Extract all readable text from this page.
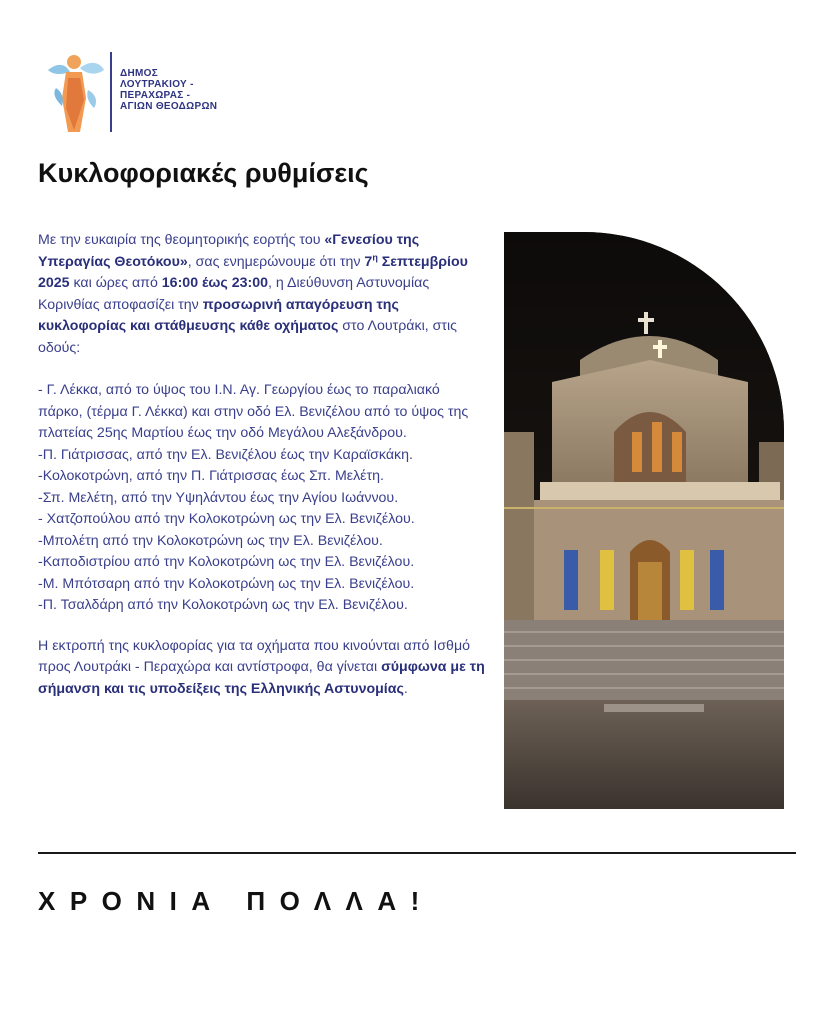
ΔΗΜΟΣ
ΛΟΥΤΡΑΚΙΟΥ -
ΠΕΡΑΧΩΡΑΣ -
ΑΓΙΩΝ ΘΕΟΔΩΡΩΝ
Κυκλοφοριακές ρυθμίσεις

Με την ευκαιρία της θεομητορικής εορτής του «Γενεσίου της Υπεραγίας Θεοτόκου», σας ενημερώνουμε ότι την $7^\eta$ Σεπτεμβρίου 2025 και ώρες από 16:00 έως 23:00, η Διεύθυνση Αστυνομίας Κορινθίας αποφασίζει την προσωρινή απαγόρευση της κυκλοφορίας και στάθμευσης κάθε οχήματος στο Λουτράκι, στις οδούς:

- Γ. Λέκκα, από το ύψος του Ι.Ν. Αγ. Γεωργίου έως το παραλιακό πάρκο, (τέρμα Γ. Λέκκα) και στην οδό Ελ. Βενιζέλου από το ύψος της πλατείας 25ης Μαρτίου έως την οδό Μεγάλου Αλεξάνδρου.
-Π. Γιάτρισσας, από την Ελ. Βενιζέλου έως την Καραϊσκάκη.
-Κολοκοτρώνη, από την Π. Γιάτρισσας έως Σπ. Μελέτη.
-Σπ. Μελέτη, από την Υψηλάντου έως την Αγίου Ιωάννου.
- Χατζοπούλου από την Κολοκοτρώνη ως την Ελ. Βενιζέλου.
-Μπολέτη από την Κολοκοτρώνη ως την Ελ. Βενιζέλου.
-Καποδιστρίου από την Κολοκοτρώνη ως την Ελ. Βενιζέλου.
-Μ. Μπότσαρη από την Κολοκοτρώνη ως την Ελ. Βενιζέλου.
-Π. Τσαλδάρη από την Κολοκοτρώνη ως την Ελ. Βενιζέλου.

Η εκτροπή της κυκλοφορίας για τα οχήματα που κινούνται από Ισθμό προς Λουτράκι - Περαχώρα και αντίστροφα, θα γίνεται σύμφωνα με τη σήμανση και τις υποδείξεις της Ελληνικής Αστυνομίας.

ΧΡΟΝΙΑ ΠΟΛΛΑ!
